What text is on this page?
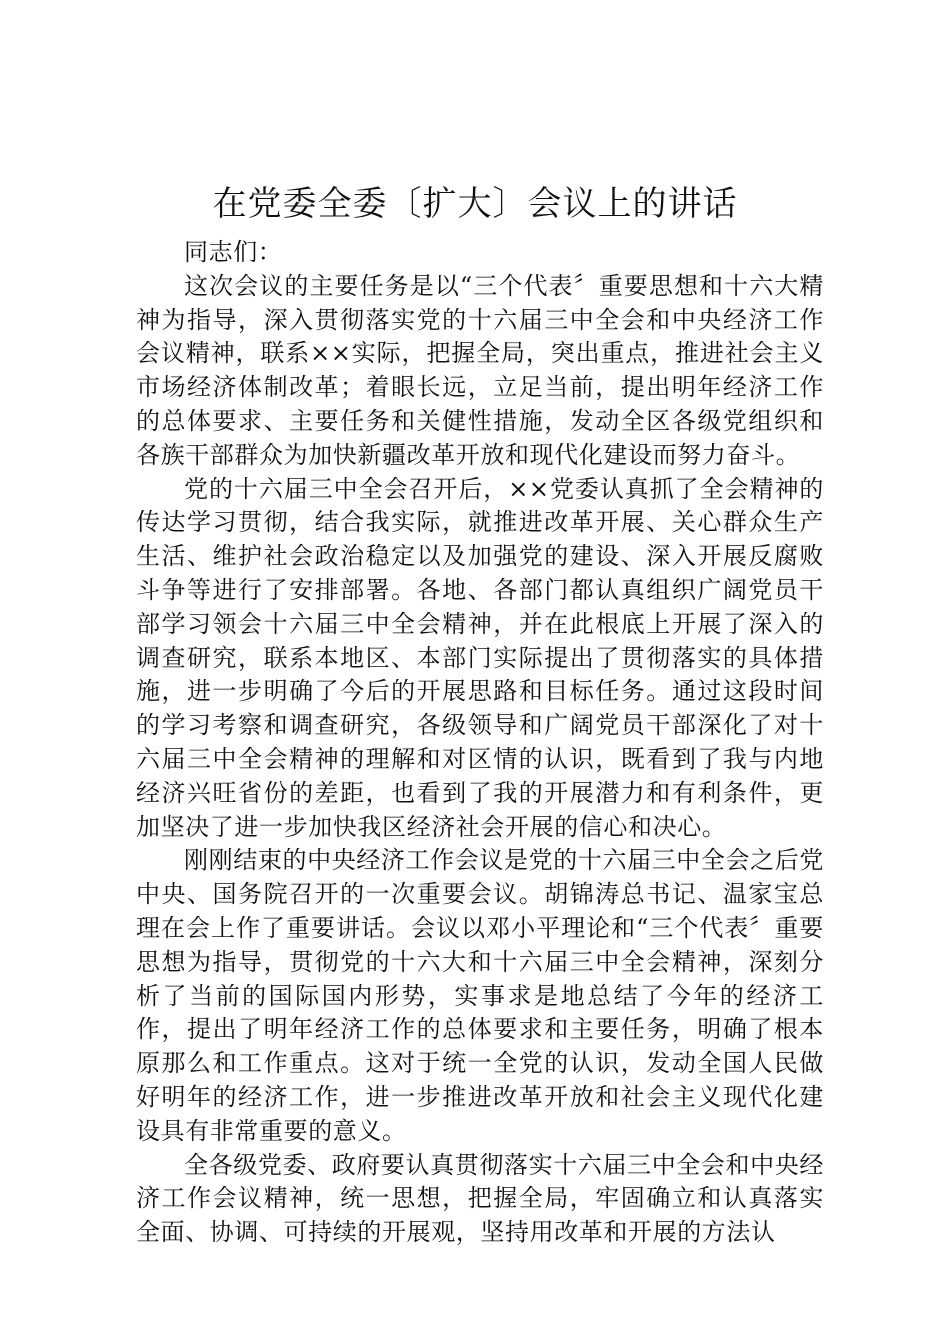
在党委全委〔扩大〕会议上的讲话

同志们：

这次会议的主要任务是以“三个代表〞重要思想和十六大精神为指导，深入贯彻落实党的十六届三中全会和中央经济工作会议精神，联系××实际，把握全局，突出重点，推进社会主义市场经济体制改革；着眼长远，立足当前，提出明年经济工作的总体要求、主要任务和关健性措施，发动全区各级党组织和各族干部群众为加快新疆改革开放和现代化建设而努力奋斗。

党的十六届三中全会召开后，××党委认真抓了全会精神的传达学习贯彻，结合我实际，就推进改革开展、关心群众生产生活、维护社会政治稳定以及加强党的建设、深入开展反腐败斗争等进行了安排部署。各地、各部门都认真组织广阔党员干部学习领会十六届三中全会精神，并在此根底上开展了深入的调查研究，联系本地区、本部门实际提出了贯彻落实的具体措施，进一步明确了今后的开展思路和目标任务。通过这段时间的学习考察和调查研究，各级领导和广阔党员干部深化了对十六届三中全会精神的理解和对区情的认识，既看到了我与内地经济兴旺省份的差距，也看到了我的开展潜力和有利条件，更加坚决了进一步加快我区经济社会开展的信心和决心。

刚刚结束的中央经济工作会议是党的十六届三中全会之后党中央、国务院召开的一次重要会议。胡锦涛总书记、温家宝总理在会上作了重要讲话。会议以邓小平理论和“三个代表〞重要思想为指导，贯彻党的十六大和十六届三中全会精神，深刻分析了当前的国际国内形势，实事求是地总结了今年的经济工作，提出了明年经济工作的总体要求和主要任务，明确了根本原那么和工作重点。这对于统一全党的认识，发动全国人民做好明年的经济工作，进一步推进改革开放和社会主义现代化建设具有非常重要的意义。

全各级党委、政府要认真贯彻落实十六届三中全会和中央经济工作会议精神，统一思想，把握全局，牢固确立和认真落实全面、协调、可持续的开展观，坚持用改革和开展的方法认
